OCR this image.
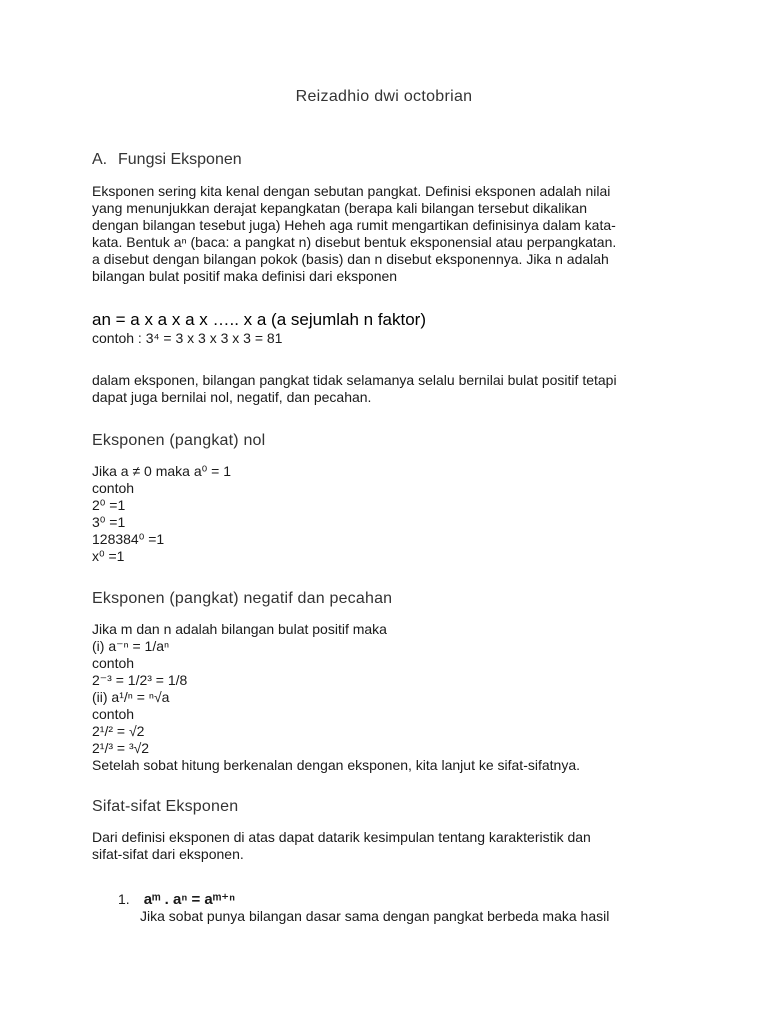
Reizadhio dwi octobrian
A. Fungsi Eksponen
Eksponen sering kita kenal dengan sebutan pangkat. Definisi eksponen adalah nilai
yang menunjukkan derajat kepangkatan (berapa kali bilangan tersebut dikalikan
dengan bilangan tesebut juga) Heheh aga rumit mengartikan definisinya dalam kata-
kata. Bentuk aⁿ (baca: a pangkat n) disebut bentuk eksponensial atau perpangkatan.
a disebut dengan bilangan pokok (basis) dan n disebut eksponennya. Jika n adalah
bilangan bulat positif maka definisi dari eksponen
an = a x a x a x ….. x a (a sejumlah n faktor)
contoh : 3⁴ = 3 x 3 x 3 x 3 = 81
dalam eksponen, bilangan pangkat tidak selamanya selalu bernilai bulat positif tetapi
dapat juga bernilai nol, negatif, dan pecahan.
Eksponen (pangkat) nol
Jika a ≠ 0 maka a⁰ = 1
contoh
2⁰ =1
3⁰ =1
128384⁰ =1
x⁰ =1
Eksponen (pangkat) negatif dan pecahan
Jika m dan n adalah bilangan bulat positif maka
(i) a⁻ⁿ = 1/aⁿ
contoh
2⁻³ = 1/2³ = 1/8
(ii) a¹/ⁿ = ⁿ√a
contoh
2¹/² = √2
2¹/³ = ³√2
Setelah sobat hitung berkenalan dengan eksponen, kita lanjut ke sifat-sifatnya.
Sifat-sifat Eksponen
Dari definisi eksponen di atas dapat datarik kesimpulan tentang karakteristik dan
sifat-sifat dari eksponen.
1. aᵐ . aⁿ = aᵐ⁺ⁿ
Jika sobat punya bilangan dasar sama dengan pangkat berbeda maka hasil
